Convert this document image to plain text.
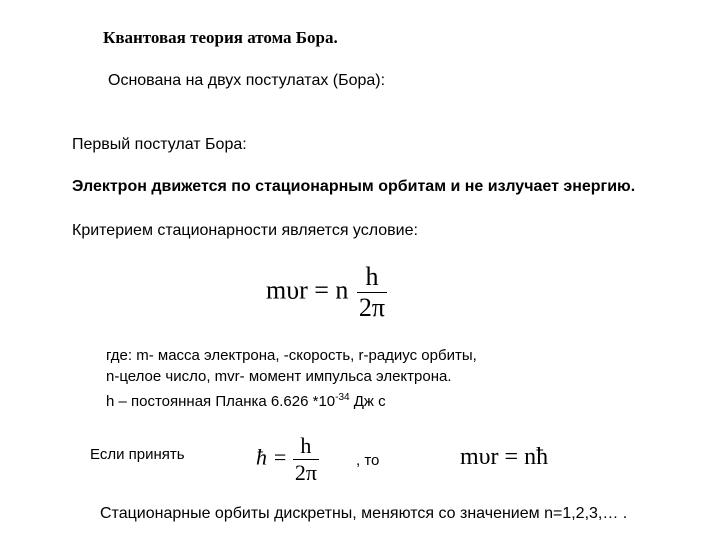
Квантовая теория атома Бора.
Основана на двух постулатах (Бора):
Первый постулат Бора:
Электрон движется по стационарным орбитам и не излучает энергию.
Критерием стационарности является условие:
mυr = n $\frac{h}{2\pi}$
где: m- масса электрона, -скорость, r-радиус орбиты,
n-целое число, mvr- момент импульса электрона.
h – постоянная Планка 6.626 $*10^{-34}$ Дж с
Если принять	ħ = $\frac{h}{2\pi}$ , то	mυr = nħ
Стационарные орбиты дискретны, меняются со значением n=1,2,3,… .
